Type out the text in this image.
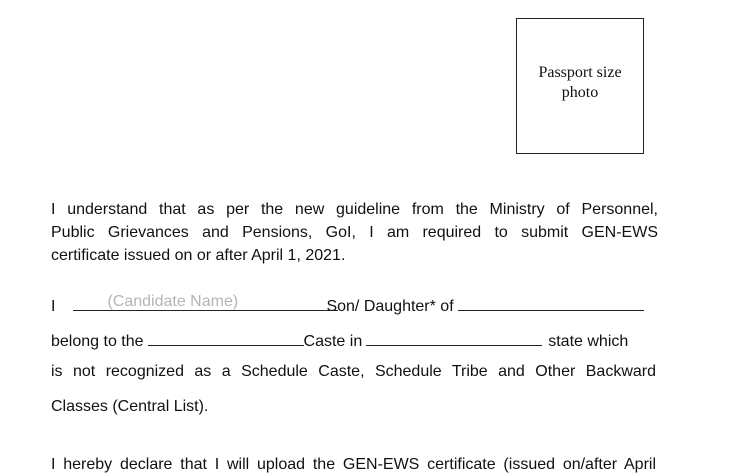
Passport size
photo
I understand that as per the new guideline from the Ministry of Personnel,
Public Grievances and Pensions, GoI, I am required to submit GEN-EWS
certificate issued on or after April 1, 2021.
I	(Candidate Name)	Son/ Daughter* of
belong to the	Caste in	state which
is not recognized as a Schedule Caste, Schedule Tribe and Other Backward
Classes (Central List).
I hereby declare that I will upload the GEN-EWS certificate (issued on/after April
